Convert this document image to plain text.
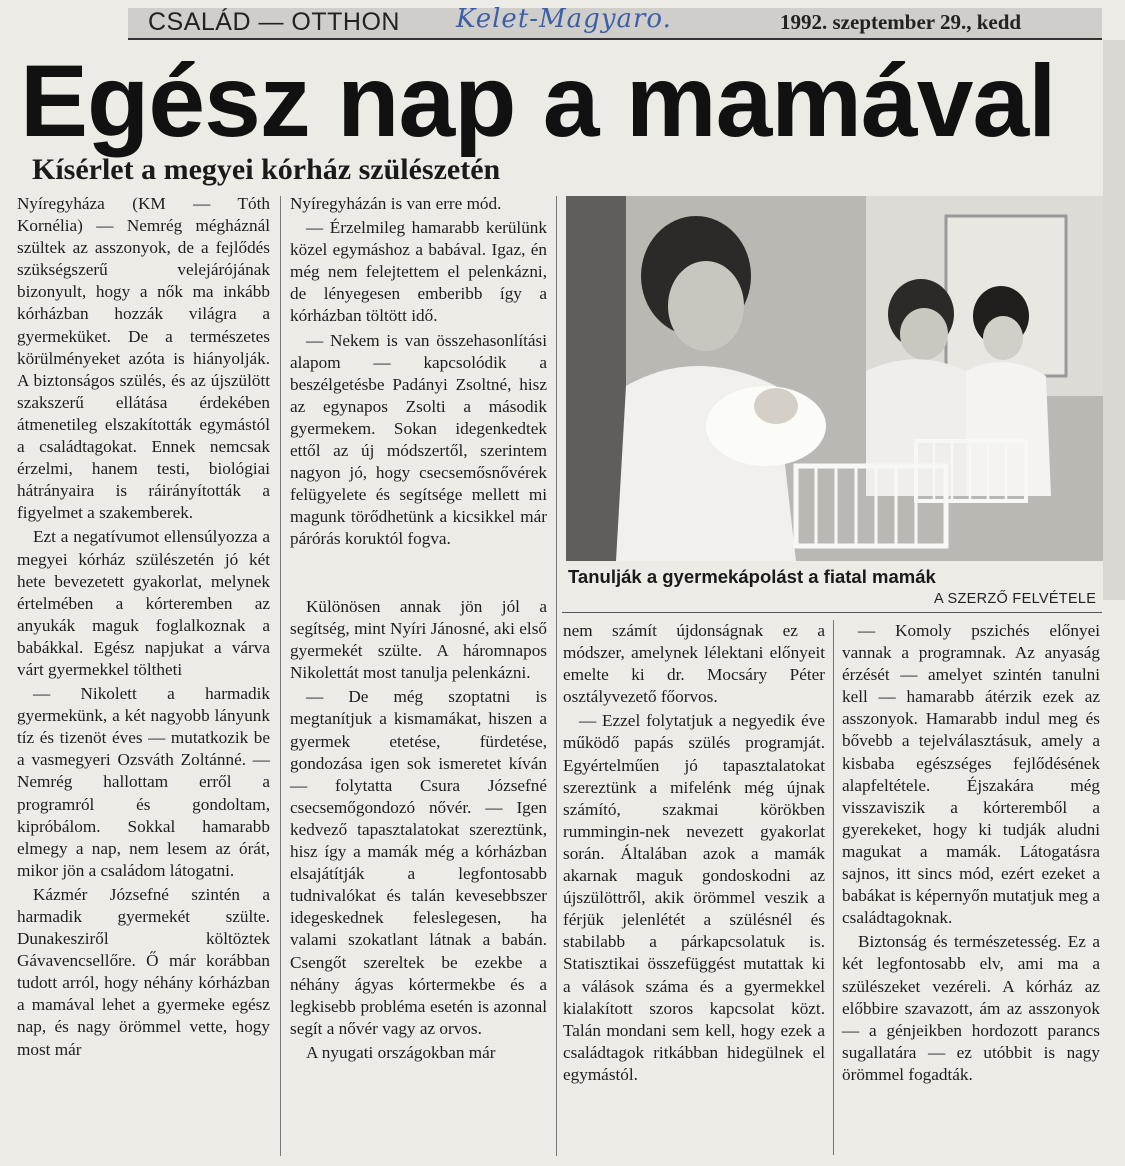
CSALÁD — OTTHON Kelet-Magyaro.	1992. szeptember 29., kedd
Egész nap a mamával
Kísérlet a megyei kórház szülészetén

Nyíregyháza (KM — Tóth Kornélia) — Nemrég mégháznál szültek az asszonyok, de a fejlődés szükségszerű velejárójának bizonyult, hogy a nők ma inkább kórházban hozzák világra a gyermeküket. De a természetes körülményeket azóta is hiányolják. A biztonságos szülés, és az újszülött szakszerű ellátása érdekében átmenetileg elszakították egymástól a családtagokat. Ennek nemcsak érzelmi, hanem testi, biológiai hátrányaira is ráirányították a figyelmet a szakemberek.

Ezt a negatívumot ellensúlyozza a megyei kórház szülészetén jó két hete bevezetett gyakorlat, melynek értelmében a kórteremben az anyukák maguk foglalkoznak a babákkal. Egész napjukat a várva várt gyermekkel töltheti

— Nikolett a harmadik gyermekünk, a két nagyobb lányunk tíz és tizenöt éves — mutatkozik be a vasmegyeri Ozsváth Zoltánné. — Nemrég hallottam erről a programról és gondoltam, kipróbálom. Sokkal hamarabb elmegy a nap, nem lesem az órát, mikor jön a családom látogatni.

Kázmér Józsefné szintén a harmadik gyermekét szülte. Dunakesziről költöztek Gávavencsellőre. Ő már korábban tudott arról, hogy néhány kórházban a mamával lehet a gyermeke egész nap, és nagy örömmel vette, hogy most már

Nyíregyházán is van erre mód.

— Érzelmileg hamarabb kerülünk közel egymáshoz a babával. Igaz, én még nem felejtettem el pelenkázni, de lényegesen emberibb így a kórházban töltött idő.

— Nekem is van összehasonlítási alapom — kapcsolódik a beszélgetésbe Padányi Zsoltné, hisz az egynapos Zsolti a második gyermekem. Sokan idegenkedtek ettől az új módszertől, szerintem nagyon jó, hogy csecsemősnővérek felügyelete és segítsége mellett mi magunk törődhetünk a kicsikkel már párórás koruktól fogva.

Különösen annak jön jól a segítség, mint Nyíri Jánosné, aki első gyermekét szülte. A háromnapos Nikolettát most tanulja pelenkázni.

— De még szoptatni is megtanítjuk a kismamákat, hiszen a gyermek etetése, fürdetése, gondozása igen sok ismeretet kíván — folytatta Csura Józsefné csecsemőgondozó nővér. — Igen kedvező tapasztalatokat szereztünk, hisz így a mamák még a kórházban elsajátítják a legfontosabb tudnivalókat és talán kevesebbszer idegeskednek feleslegesen, ha valami szokatlant látnak a babán. Csengőt szereltek be ezekbe a néhány ágyas kórtermekbe és a legkisebb probléma esetén is azonnal segít a nővér vagy az orvos.

A nyugati országokban már

Tanulják a gyermekápolást a fiatal mamák
A SZERZŐ FELVÉTELE

nem számít újdonságnak ez a módszer, amelynek lélektani előnyeit emelte ki dr. Mocsáry Péter osztályvezető főorvos.

— Ezzel folytatjuk a negyedik éve működő papás szülés programját. Egyértelműen jó tapasztalatokat szereztünk a mifelénk még újnak számító, szakmai körökben rummingin-nek nevezett gyakorlat során. Általában azok a mamák akarnak maguk gondoskodni az újszülöttről, akik örömmel veszik a férjük jelenlétét a szülésnél és stabilabb a párkapcsolatuk is. Statisztikai összefüggést mutattak ki a válások száma és a gyermekkel kialakított szoros kapcsolat közt. Talán mondani sem kell, hogy ezek a családtagok ritkábban hidegülnek el egymástól.

— Komoly pszichés előnyei vannak a programnak. Az anyaság érzését — amelyet szintén tanulni kell — hamarabb átérzik ezek az asszonyok. Hamarabb indul meg és bővebb a tejelválasztásuk, amely a kisbaba egészséges fejlődésének alapfeltétele. Éjszakára még visszaviszik a kórteremből a gyerekeket, hogy ki tudják aludni magukat a mamák. Látogatásra sajnos, itt sincs mód, ezért ezeket a babákat is képernyőn mutatjuk meg a családtagoknak.

Biztonság és természetesség. Ez a két legfontosabb elv, ami ma a szülészeket vezéreli. A kórház az előbbire szavazott, ám az asszonyok — a génjeikben hordozott parancs sugallatára — ez utóbbit is nagy örömmel fogadták.
